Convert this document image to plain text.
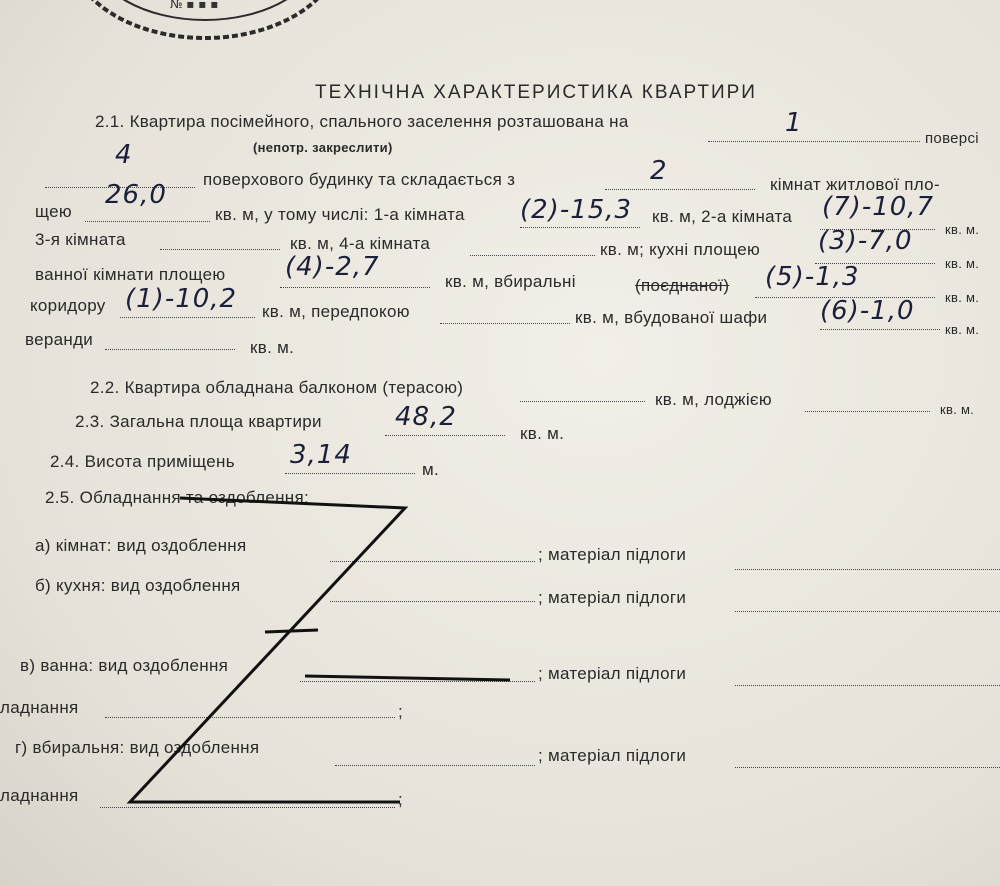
№ ▪ ▪ ▪
ТЕХНІЧНА ХАРАКТЕРИСТИКА КВАРТИРИ
2.1. Квартира посімейного, спального заселення розташована на	1
поверсі
(непотр. закреслити)
4
поверхового будинку та складається з	2	кімнат житлової пло-
щею
26,0
кв. м, у тому числі: 1-а кімната (2)-15,3 кв. м, 2-а кімната (7)-10,7
кв. м.
3-я кімната	кв. м, 4-а кімната	кв. м; кухні площею (3)-7,0
кв. м.
ванної кімнати площею (4)-2,7	кв. м, вбиральні	(поєднаної) (5)-1,3
кв. м.
коридору (1)-10,2 кв. м, передпокою	кв. м, вбудованої шафи (6)-1,0
кв. м.
веранди	кв. м.
2.2. Квартира обладнана балконом (терасою)
кв. м, лоджією
кв. м.
2.3. Загальна площа квартири	48,2
кв. м.
2.4. Висота приміщень 3,14	м.
2.5. Обладнання та оздоблення:
а) кімнат: вид оздоблення	; матеріал підлоги
б) кухня: вид оздоблення
; матеріал підлоги
в) ванна: вид оздоблення	; матеріал підлоги
ладнання	;
г) вбиральня: вид оздоблення	; матеріал підлоги
ладнання	;
